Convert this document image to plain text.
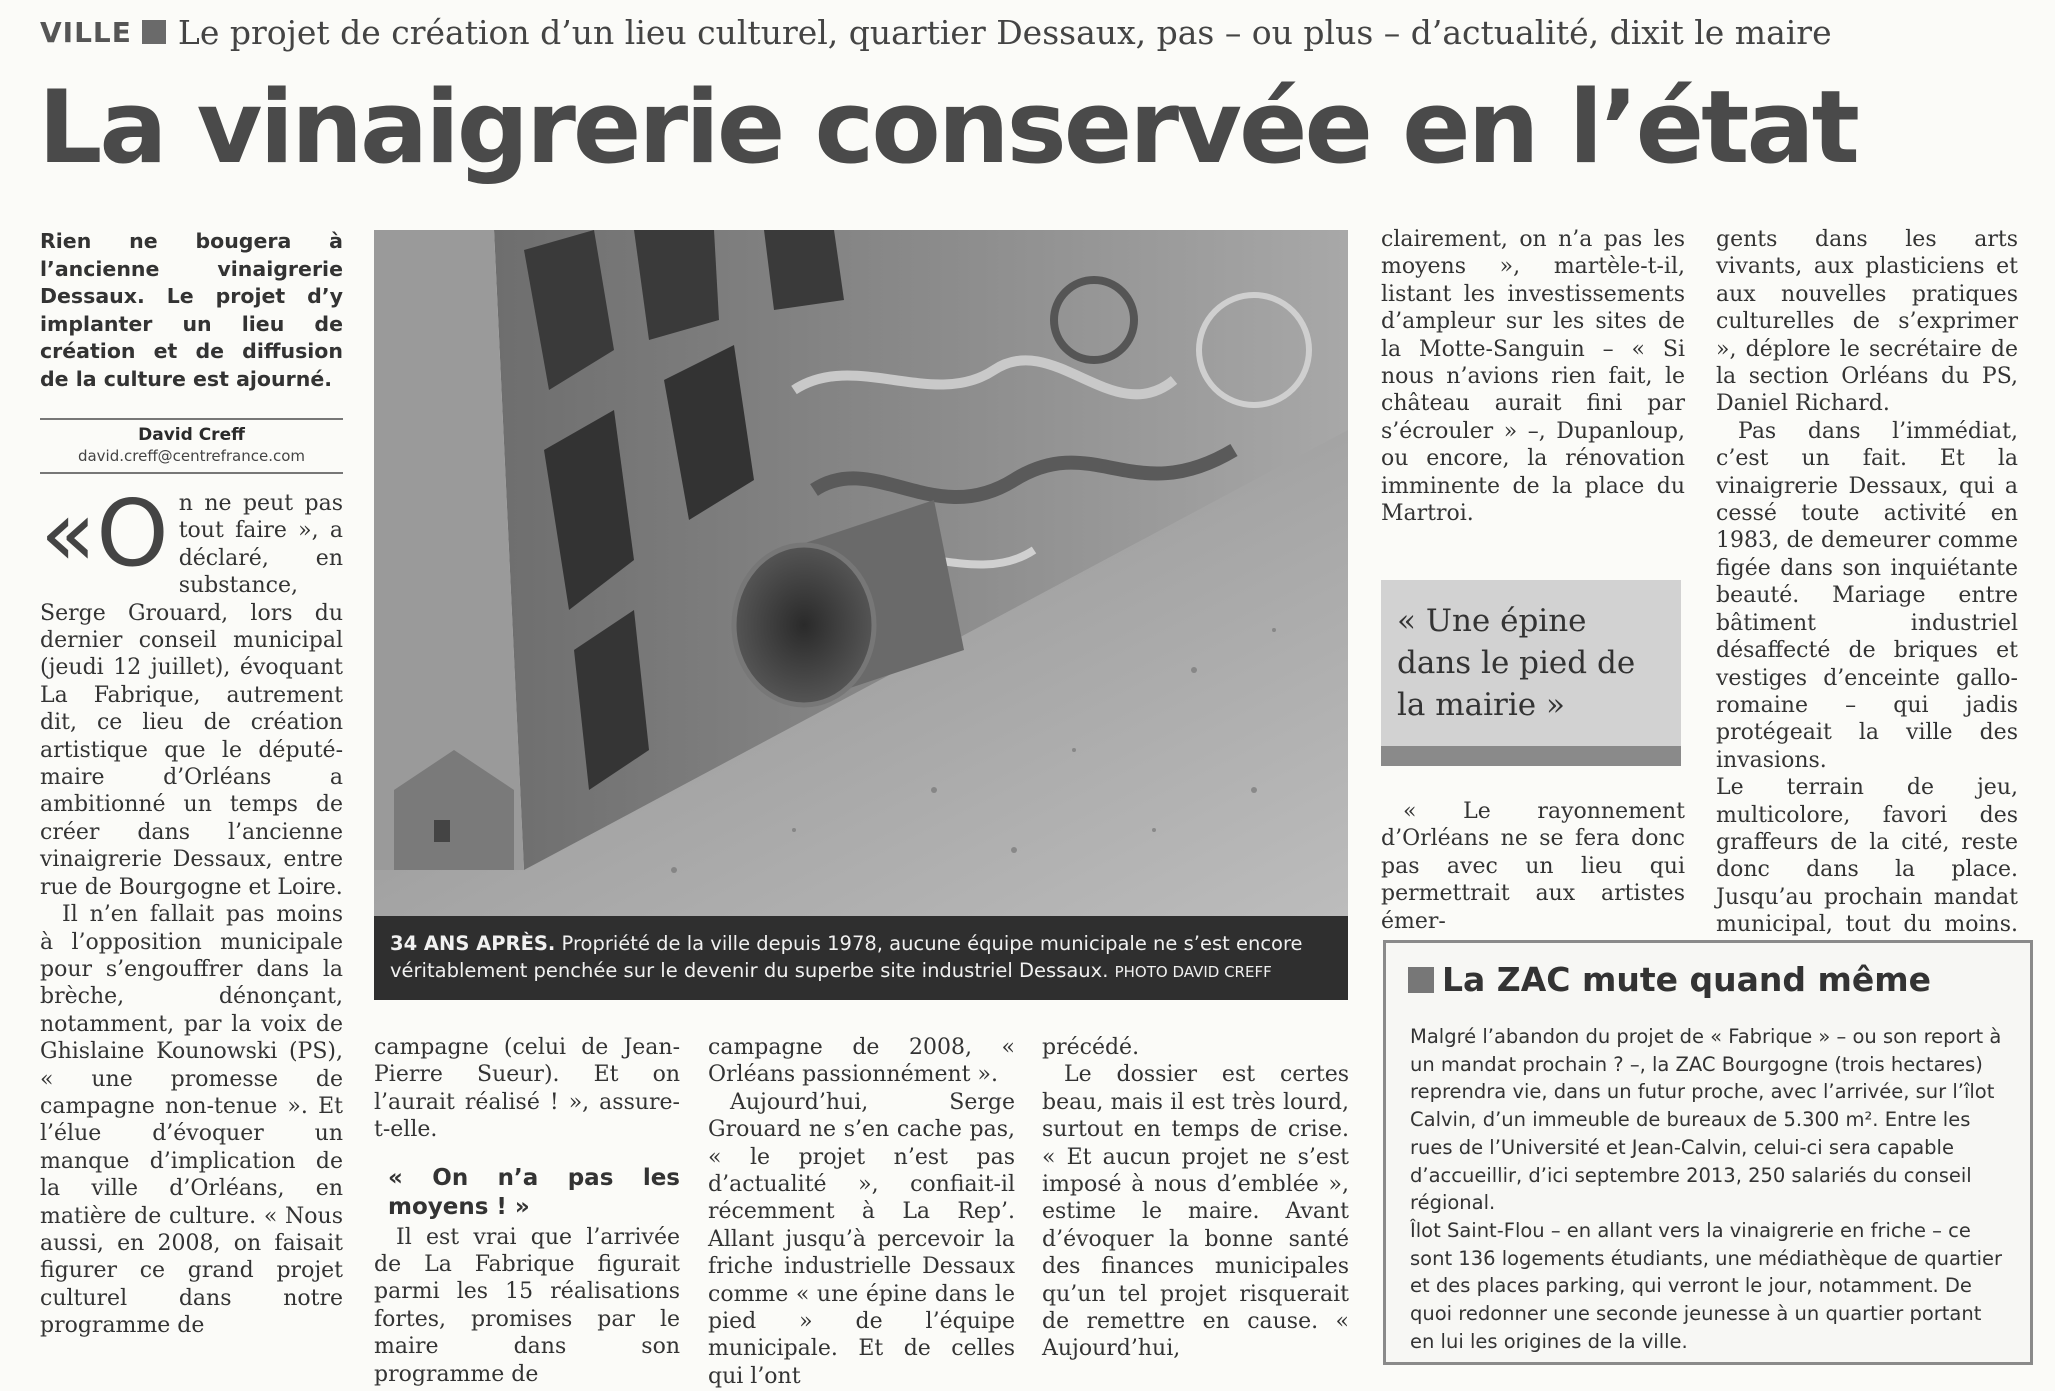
VILLE Le projet de création d’un lieu culturel, quartier Dessaux, pas – ou plus – d’actualité, dixit le maire
La vinaigrerie conservée en l’état
Rien ne bougera à l’ancienne vinaigrerie Dessaux. Le projet d’y implanter un lieu de création et de diffusion de la culture est ajourné.
David Creff
david.creff@centrefrance.com

«On ne peut pas tout faire », a déclaré, en substance, Serge Grouard, lors du dernier conseil municipal (jeudi 12 juillet), évoquant La Fabrique, autrement dit, ce lieu de création artistique que le député-maire d’Orléans a ambitionné un temps de créer dans l’ancienne vinaigrerie Dessaux, entre rue de Bourgogne et Loire.

Il n’en fallait pas moins à l’opposition municipale pour s’engouffrer dans la brèche, dénonçant, notamment, par la voix de Ghislaine Kounowski (PS), « une promesse de campagne non-tenue ». Et l’élue d’évoquer un manque d’implication de la ville d’Orléans, en matière de culture. « Nous aussi, en 2008, on faisait figurer ce grand projet culturel dans notre programme de

34 ANS APRÈS. Propriété de la ville depuis 1978, aucune équipe municipale ne s’est encore véritablement penchée sur le devenir du superbe site industriel Dessaux. PHOTO DAVID CREFF

campagne (celui de Jean-Pierre Sueur). Et on l’aurait réalisé ! », assure-t-elle.

« On n’a pas les moyens ! »

Il est vrai que l’arrivée de La Fabrique figurait parmi les 15 réalisations fortes, promises par le maire dans son programme de

campagne de 2008, « Orléans passionnément ».

Aujourd’hui, Serge Grouard ne s’en cache pas, « le projet n’est pas d’actualité », confiait-il récemment à La Rep’. Allant jusqu’à percevoir la friche industrielle Dessaux comme « une épine dans le pied » de l’équipe municipale. Et de celles qui l’ont

précédé.

Le dossier est certes beau, mais il est très lourd, surtout en temps de crise. « Et aucun projet ne s’est imposé à nous d’emblée », estime le maire. Avant d’évoquer la bonne santé des finances municipales qu’un tel projet risquerait de remettre en cause. « Aujourd’hui,

clairement, on n’a pas les moyens », martèle-t-il, listant les investissements d’ampleur sur les sites de la Motte-Sanguin – « Si nous n’avions rien fait, le château aurait fini par s’écrouler » –, Dupanloup, ou encore, la rénovation imminente de la place du Martroi.

« Une épine dans le pied de la mairie »

« Le rayonnement d’Orléans ne se fera donc pas avec un lieu qui permettrait aux artistes émer-

gents dans les arts vivants, aux plasticiens et aux nouvelles pratiques culturelles de s’exprimer », déplore le secrétaire de la section Orléans du PS, Daniel Richard.

Pas dans l’immédiat, c’est un fait. Et la vinaigrerie Dessaux, qui a cessé toute activité en 1983, de demeurer comme figée dans son inquiétante beauté. Mariage entre bâtiment industriel désaffecté de briques et vestiges d’enceinte gallo-romaine – qui jadis protégeait la ville des invasions.

Le terrain de jeu, multicolore, favori des graffeurs de la cité, reste donc dans la place. Jusqu’au prochain mandat municipal, tout du moins.

La ZAC mute quand même

Malgré l’abandon du projet de « Fabrique » – ou son report à un mandat prochain ? –, la ZAC Bourgogne (trois hectares) reprendra vie, dans un futur proche, avec l’arrivée, sur l’îlot Calvin, d’un immeuble de bureaux de 5.300 m². Entre les rues de l’Université et Jean-Calvin, celui-ci sera capable d’accueillir, d’ici septembre 2013, 250 salariés du conseil régional.

Îlot Saint-Flou – en allant vers la vinaigrerie en friche – ce sont 136 logements étudiants, une médiathèque de quartier et des places parking, qui verront le jour, notamment. De quoi redonner une seconde jeunesse à un quartier portant en lui les origines de la ville.
